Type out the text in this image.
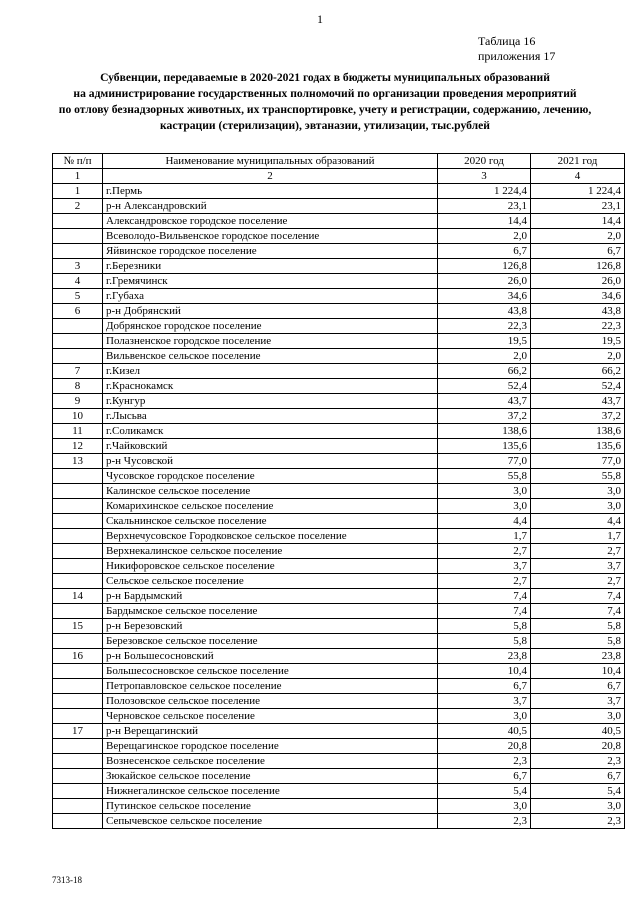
1
Таблица 16
приложения 17
Субвенции, передаваемые в 2020-2021 годах в бюджеты муниципальных образований
на администрирование государственных полномочий по организации проведения мероприятий
по отлову безнадзорных животных, их транспортировке, учету и регистрации, содержанию, лечению,
кастрации (стерилизации), эвтаназии, утилизации, тыс.рублей
№ п/п	Наименование муниципальных образований	2020 год	2021 год
1	2	3	4
1	г.Пермь	1 224,4	1 224,4
2	р-н Александровский	23,1	23,1
	Александровское городское поселение	14,4	14,4
	Всеволодо-Вильвенское городское поселение	2,0	2,0
	Яйвинское городское поселение	6,7	6,7
3	г.Березники	126,8	126,8
4	г.Гремячинск	26,0	26,0
5	г.Губаха	34,6	34,6
6	р-н Добрянский	43,8	43,8
	Добрянское городское поселение	22,3	22,3
	Полазненское городское поселение	19,5	19,5
	Вильвенское сельское поселение	2,0	2,0
7	г.Кизел	66,2	66,2
8	г.Краснокамск	52,4	52,4
9	г.Кунгур	43,7	43,7
10	г.Лысьва	37,2	37,2
11	г.Соликамск	138,6	138,6
12	г.Чайковский	135,6	135,6
13	р-н Чусовской	77,0	77,0
	Чусовское городское поселение	55,8	55,8
	Калинское сельское поселение	3,0	3,0
	Комарихинское сельское поселение	3,0	3,0
	Скальнинское сельское поселение	4,4	4,4
	Верхнечусовское Городковское сельское поселение	1,7	1,7
	Верхнекалинское сельское поселение	2,7	2,7
	Никифоровское сельское поселение	3,7	3,7
	Сельское сельское поселение	2,7	2,7
14	р-н Бардымский	7,4	7,4
	Бардымское сельское поселение	7,4	7,4
15	р-н Березовский	5,8	5,8
	Березовское сельское поселение	5,8	5,8
16	р-н Большесосновский	23,8	23,8
	Большесосновское сельское поселение	10,4	10,4
	Петропавловское сельское поселение	6,7	6,7
	Полозовское сельское поселение	3,7	3,7
	Черновское сельское поселение	3,0	3,0
17	р-н Верещагинский	40,5	40,5
	Верещагинское городское поселение	20,8	20,8
	Вознесенское сельское поселение	2,3	2,3
	Зюкайское сельское поселение	6,7	6,7
	Нижнегалинское сельское поселение	5,4	5,4
	Путинское сельское поселение	3,0	3,0
	Сепычевское сельское поселение	2,3	2,3
7313-18
